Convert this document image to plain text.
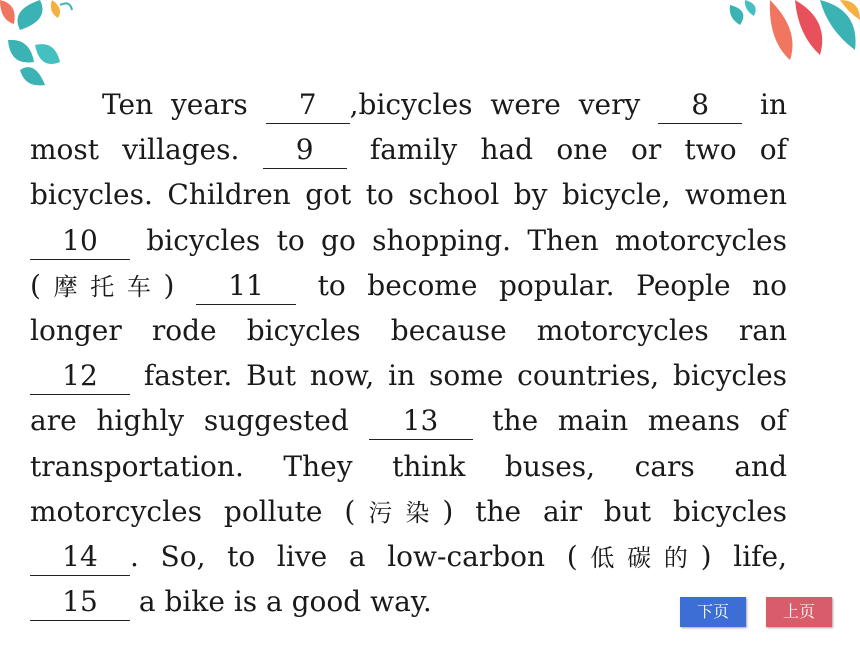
Ten years 7 ,bicycles were very 8 in
most villages. 9 family had one or two of
bicycles. Children got to school by bicycle, women
10 bicycles to go shopping. Then motorcycles
(摩托车) 11 to become popular. People no
longer rode bicycles because motorcycles ran
12 faster. But now, in some countries, bicycles
are highly suggested 13 the main means of
transportation. They think buses, cars and
motorcycles pollute (污染) the air but bicycles
14 . So, to live a low-carbon (低碳的) life,
15 a bike is a good way.	下页	上页
